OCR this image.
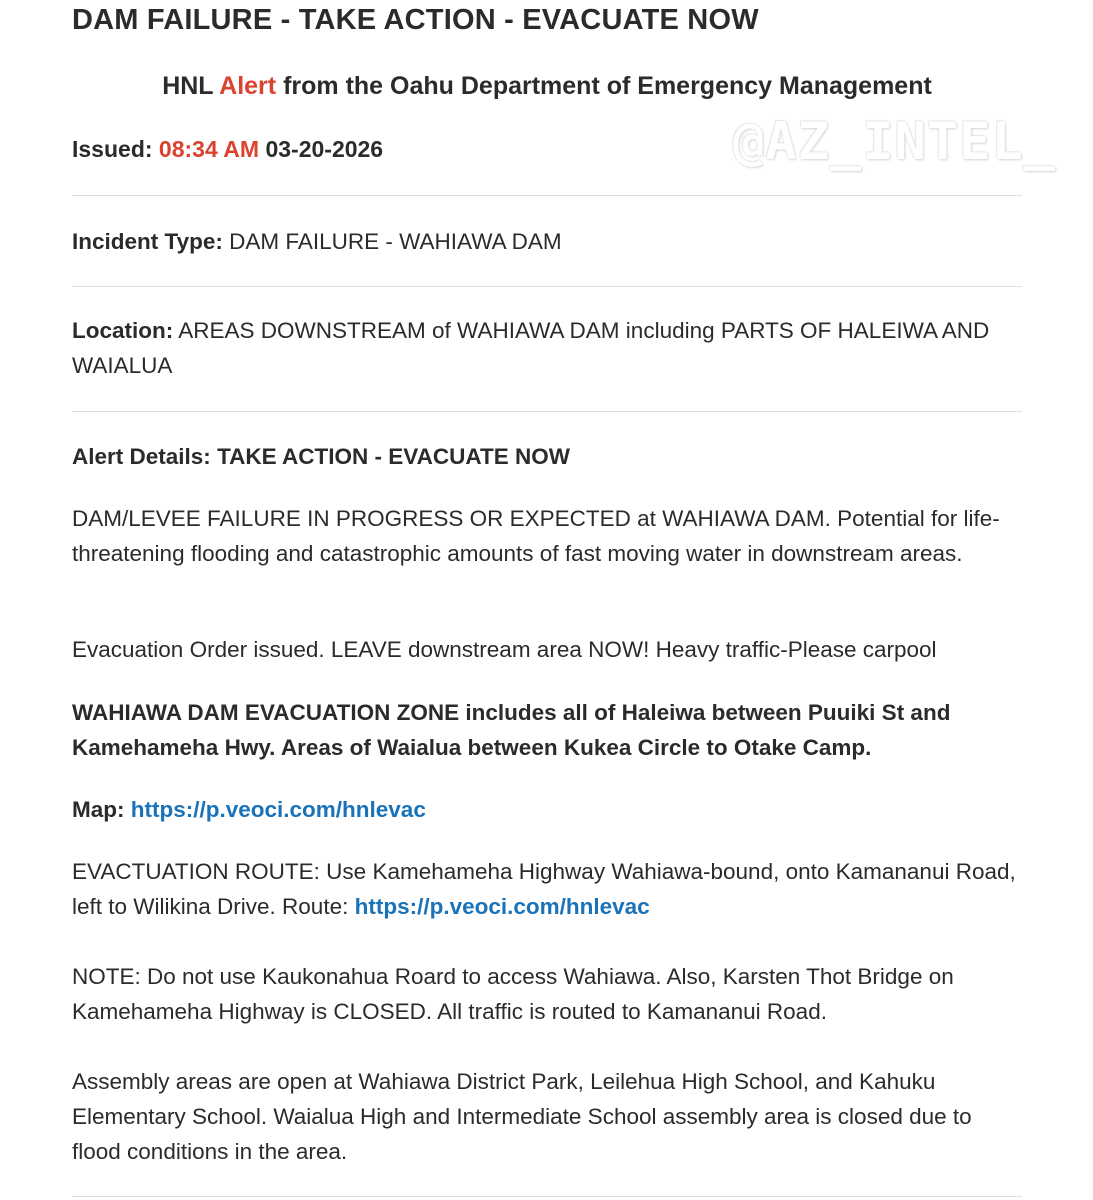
DAM FAILURE - TAKE ACTION - EVACUATE NOW
HNL Alert from the Oahu Department of Emergency Management
Issued: 08:34 AM 03-20-2026

Incident Type: DAM FAILURE - WAHIAWA DAM

Location: AREAS DOWNSTREAM of WAHIAWA DAM including PARTS OF HALEIWA AND WAIALUA

Alert Details: TAKE ACTION - EVACUATE NOW

DAM/LEVEE FAILURE IN PROGRESS OR EXPECTED at WAHIAWA DAM. Potential for life-threatening flooding and catastrophic amounts of fast moving water in downstream areas.

Evacuation Order issued. LEAVE downstream area NOW! Heavy traffic-Please carpool

WAHIAWA DAM EVACUATION ZONE includes all of Haleiwa between Puuiki St and Kamehameha Hwy. Areas of Waialua between Kukea Circle to Otake Camp.

Map: https://p.veoci.com/hnlevac

EVACTUATION ROUTE: Use Kamehameha Highway Wahiawa-bound, onto Kamananui Road, left to Wilikina Drive. Route: https://p.veoci.com/hnlevac

NOTE: Do not use Kaukonahua Roard to access Wahiawa. Also, Karsten Thot Bridge on Kamehameha Highway is CLOSED. All traffic is routed to Kamananui Road.

Assembly areas are open at Wahiawa District Park, Leilehua High School, and Kahuku Elementary School. Waialua High and Intermediate School assembly area is closed due to flood conditions in the area.

@AZ_INTEL_
